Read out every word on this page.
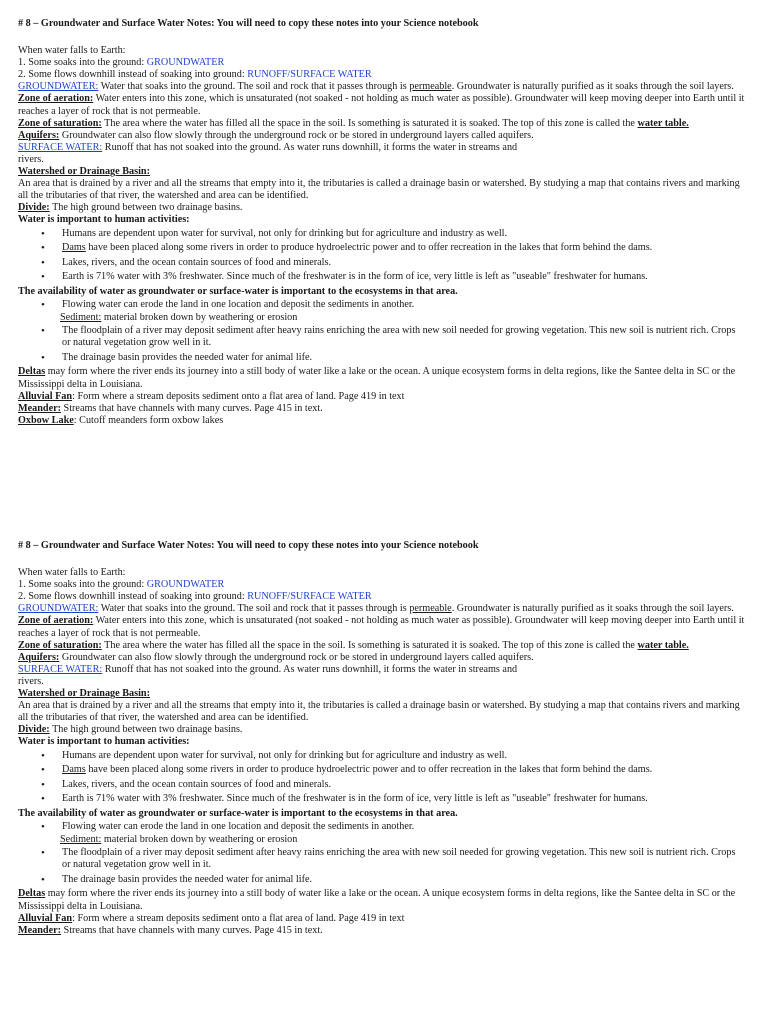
# 8 – Groundwater and Surface Water Notes: You will need to copy these notes into your Science notebook

When water falls to Earth:

1. Some soaks into the ground: GROUNDWATER

2. Some flows downhill instead of soaking into ground: RUNOFF/SURFACE WATER

GROUNDWATER: Water that soaks into the ground. The soil and rock that it passes through is permeable. Groundwater is naturally purified as it soaks through the soil layers.

Zone of aeration: Water enters into this zone, which is unsaturated (not soaked - not holding as much water as possible). Groundwater will keep moving deeper into Earth until it reaches a layer of rock that is not permeable.

Zone of saturation: The area where the water has filled all the space in the soil. Is something is saturated it is soaked. The top of this zone is called the water table.

Aquifers: Groundwater can also flow slowly through the underground rock or be stored in underground layers called aquifers.

SURFACE WATER: Runoff that has not soaked into the ground. As water runs downhill, it forms the water in streams and

rivers.

Watershed or Drainage Basin:

An area that is drained by a river and all the streams that empty into it, the tributaries is called a drainage basin or watershed. By studying a map that contains rivers and marking all the tributaries of that river, the watershed and area can be identified.

Divide: The high ground between two drainage basins.

Water is important to human activities:

• Humans are dependent upon water for survival, not only for drinking but for agriculture and industry as well.
• Dams have been placed along some rivers in order to produce hydroelectric power and to offer recreation in the lakes that form behind the dams.
• Lakes, rivers, and the ocean contain sources of food and minerals.
• Earth is 71% water with 3% freshwater. Since much of the freshwater is in the form of ice, very little is left as "useable" freshwater for humans.

The availability of water as groundwater or surface-water is important to the ecosystems in that area.

• Flowing water can erode the land in one location and deposit the sediments in another.

Sediment: material broken down by weathering or erosion

• The floodplain of a river may deposit sediment after heavy rains enriching the area with new soil needed for growing vegetation. This new soil is nutrient rich. Crops or natural vegetation grow well in it.
• The drainage basin provides the needed water for animal life.

Deltas may form where the river ends its journey into a still body of water like a lake or the ocean. A unique ecosystem forms in delta regions, like the Santee delta in SC or the Mississippi delta in Louisiana.

Alluvial Fan: Form where a stream deposits sediment onto a flat area of land. Page 419 in text

Meander: Streams that have channels with many curves. Page 415 in text.

Oxbow Lake: Cutoff meanders form oxbow lakes

# 8 – Groundwater and Surface Water Notes: You will need to copy these notes into your Science notebook

When water falls to Earth:

1. Some soaks into the ground: GROUNDWATER

2. Some flows downhill instead of soaking into ground: RUNOFF/SURFACE WATER

GROUNDWATER: Water that soaks into the ground. The soil and rock that it passes through is permeable. Groundwater is naturally purified as it soaks through the soil layers.

Zone of aeration: Water enters into this zone, which is unsaturated (not soaked - not holding as much water as possible). Groundwater will keep moving deeper into Earth until it reaches a layer of rock that is not permeable.

Zone of saturation: The area where the water has filled all the space in the soil. Is something is saturated it is soaked. The top of this zone is called the water table.

Aquifers: Groundwater can also flow slowly through the underground rock or be stored in underground layers called aquifers.

SURFACE WATER: Runoff that has not soaked into the ground. As water runs downhill, it forms the water in streams and

rivers.

Watershed or Drainage Basin:

An area that is drained by a river and all the streams that empty into it, the tributaries is called a drainage basin or watershed. By studying a map that contains rivers and marking all the tributaries of that river, the watershed and area can be identified.

Divide: The high ground between two drainage basins.

Water is important to human activities:

• Humans are dependent upon water for survival, not only for drinking but for agriculture and industry as well.
• Dams have been placed along some rivers in order to produce hydroelectric power and to offer recreation in the lakes that form behind the dams.
• Lakes, rivers, and the ocean contain sources of food and minerals.
• Earth is 71% water with 3% freshwater. Since much of the freshwater is in the form of ice, very little is left as "useable" freshwater for humans.

The availability of water as groundwater or surface-water is important to the ecosystems in that area.

• Flowing water can erode the land in one location and deposit the sediments in another.

Sediment: material broken down by weathering or erosion

• The floodplain of a river may deposit sediment after heavy rains enriching the area with new soil needed for growing vegetation. This new soil is nutrient rich. Crops or natural vegetation grow well in it.
• The drainage basin provides the needed water for animal life.

Deltas may form where the river ends its journey into a still body of water like a lake or the ocean. A unique ecosystem forms in delta regions, like the Santee delta in SC or the Mississippi delta in Louisiana.

Alluvial Fan: Form where a stream deposits sediment onto a flat area of land. Page 419 in text

Meander: Streams that have channels with many curves. Page 415 in text.
